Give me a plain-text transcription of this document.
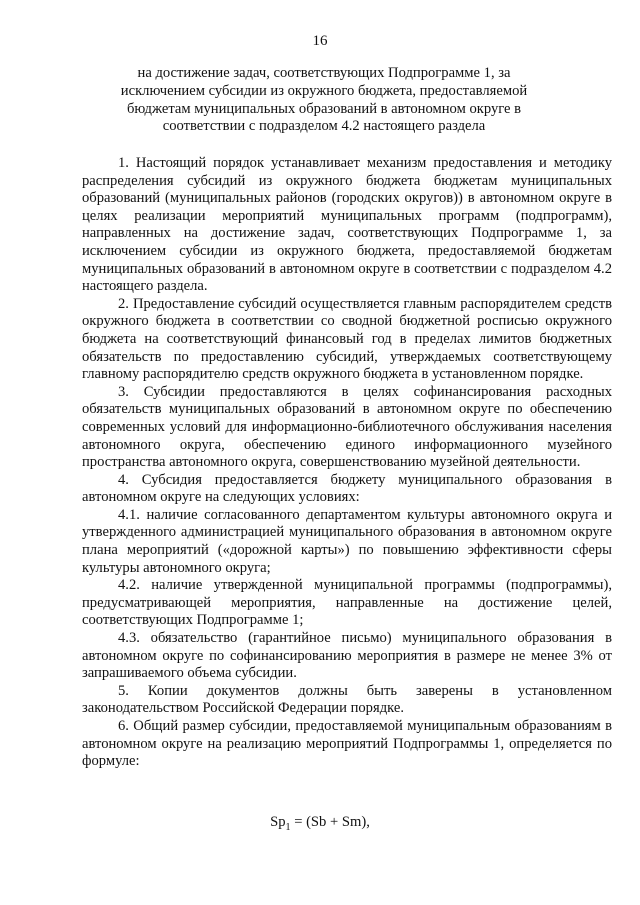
16
на достижение задач, соответствующих Подпрограмме 1, за исключением субсидии из окружного бюджета, предоставляемой бюджетам муниципальных образований в автономном округе в соответствии с подразделом 4.2 настоящего раздела

1. Настоящий порядок устанавливает механизм предоставления и методику распределения субсидий из окружного бюджета бюджетам муниципальных образований (муниципальных районов (городских округов)) в автономном округе в целях реализации мероприятий муниципальных программ (подпрограмм), направленных на достижение задач, соответствующих Подпрограмме 1, за исключением субсидии из окружного бюджета, предоставляемой бюджетам муниципальных образований в автономном округе в соответствии с подразделом 4.2 настоящего раздела.

2. Предоставление субсидий осуществляется главным распорядителем средств окружного бюджета в соответствии со сводной бюджетной росписью окружного бюджета на соответствующий финансовый год в пределах лимитов бюджетных обязательств по предоставлению субсидий, утверждаемых соответствующему главному распорядителю средств окружного бюджета в установленном порядке.

3. Субсидии предоставляются в целях софинансирования расходных обязательств муниципальных образований в автономном округе по обеспечению современных условий для информационно-библиотечного обслуживания населения автономного округа, обеспечению единого информационного музейного пространства автономного округа, совершенствованию музейной деятельности.

4. Субсидия предоставляется бюджету муниципального образования в автономном округе на следующих условиях:

4.1. наличие согласованного департаментом культуры автономного округа и утвержденного администрацией муниципального образования в автономном округе плана мероприятий («дорожной карты») по повышению эффективности сферы культуры автономного округа;

4.2. наличие утвержденной муниципальной программы (подпрограммы), предусматривающей мероприятия, направленные на достижение целей, соответствующих Подпрограмме 1;

4.3. обязательство (гарантийное письмо) муниципального образования в автономном округе по софинансированию мероприятия в размере не менее 3% от запрашиваемого объема субсидии.

5. Копии документов должны быть заверены в установленном законодательством Российской Федерации порядке.

6. Общий размер субсидии, предоставляемой муниципальным образованиям в автономном округе на реализацию мероприятий Подпрограммы 1, определяется по формуле:

$Sp_1 = (Sb + Sm)$,
